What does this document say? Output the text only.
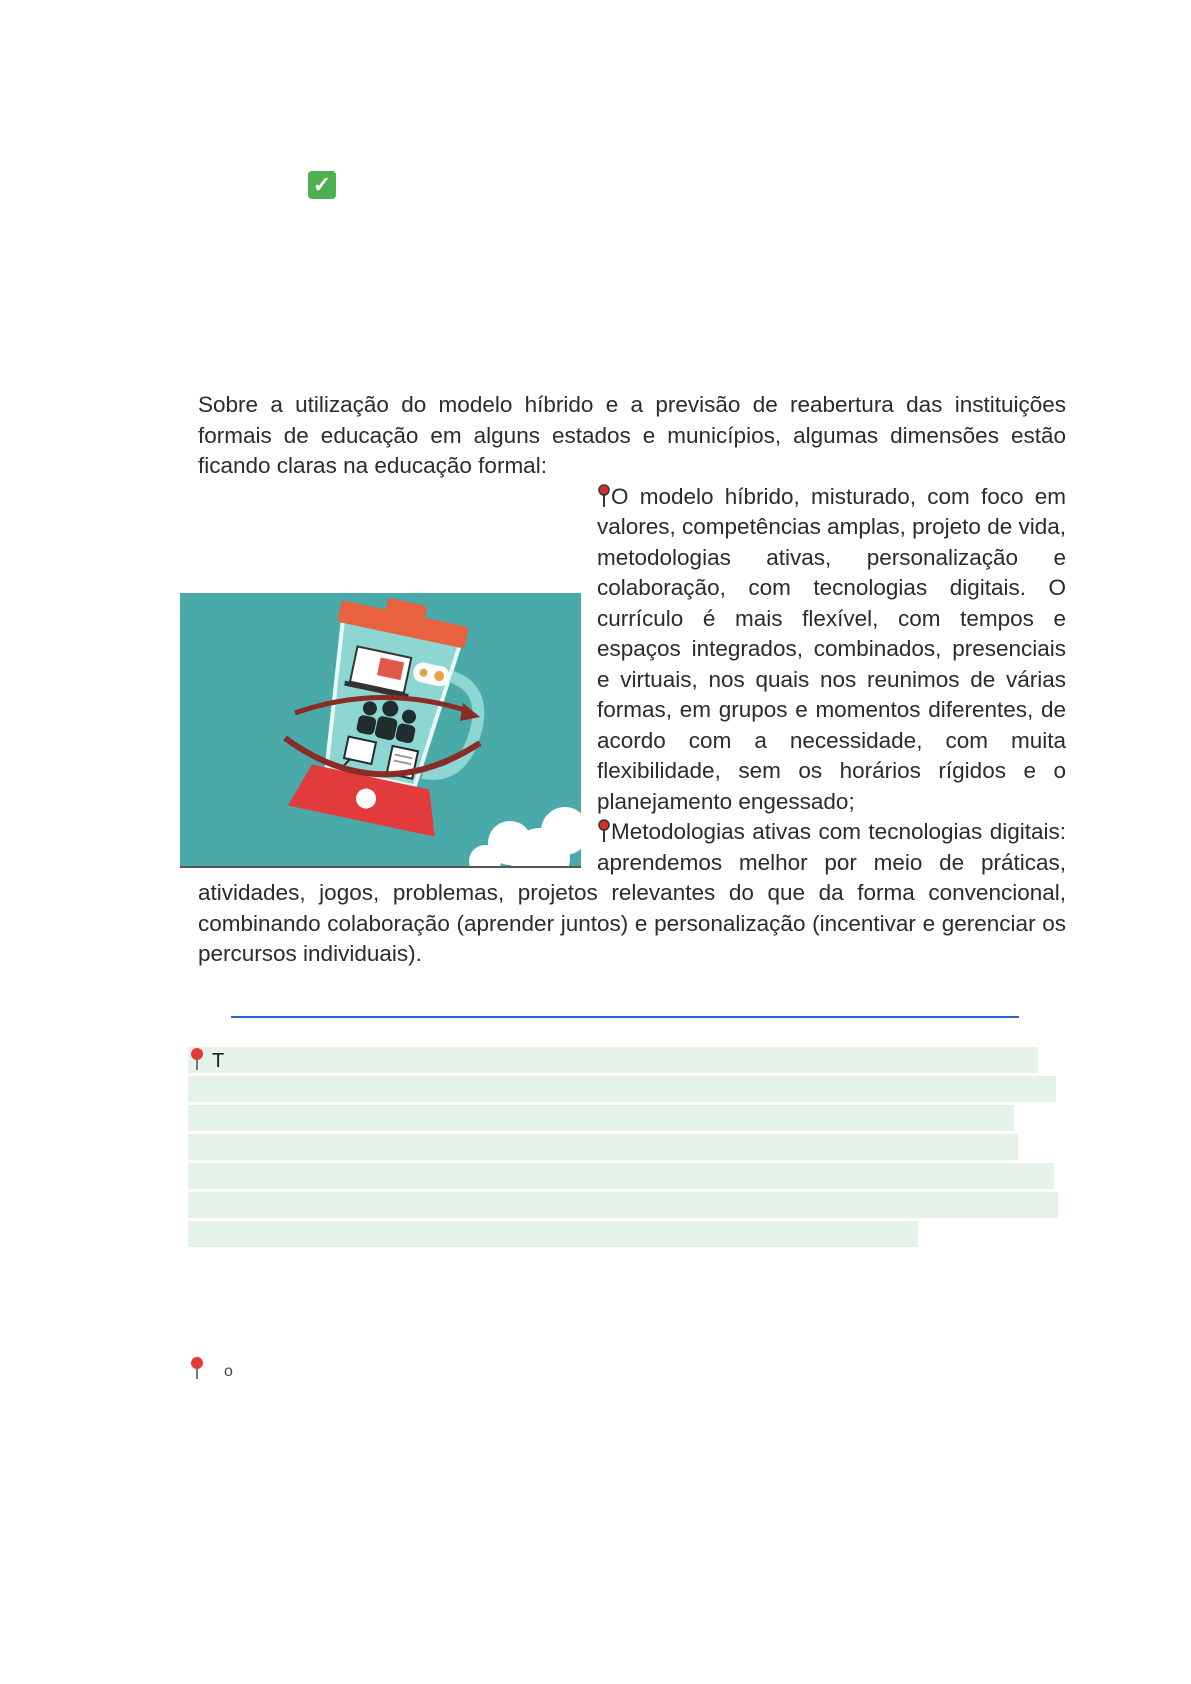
✓

Sobre a utilização do modelo híbrido e a previsão de reabertura das instituições formais de educação em alguns estados e municípios, algumas dimensões estão ficando claras na educação formal:

O modelo híbrido, misturado, com foco em valores, competências amplas, projeto de vida, metodologias ativas, personalização e colaboração, com tecnologias digitais. O currículo é mais flexível, com tempos e espaços integrados, combinados, presenciais e virtuais, nos quais nos reunimos de várias formas, em grupos e momentos diferentes, de acordo com a necessidade, com muita flexibilidade, sem os horários rígidos e o planejamento engessado;

Metodologias ativas com tecnologias digitais: aprendemos melhor por meio de práticas, atividades, jogos, problemas, projetos relevantes do que da forma convencional, combinando colaboração (aprender juntos) e personalização (incentivar e gerenciar os percursos individuais).

T
o
